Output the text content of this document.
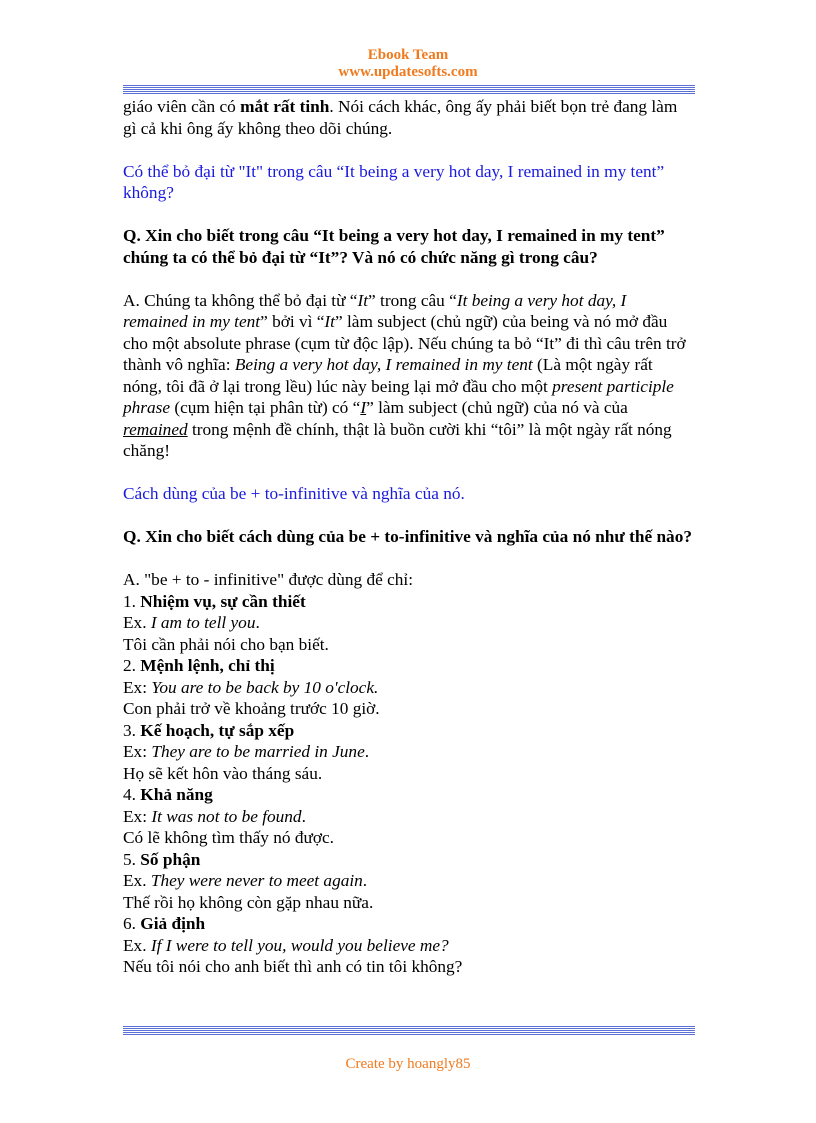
Ebook Team
www.updatesofts.com

giáo viên cần có mắt rất tinh. Nói cách khác, ông ấy phải biết bọn trẻ đang làm gì cả khi ông ấy không theo dõi chúng.

Có thể bỏ đại từ "It" trong câu “It being a very hot day, I remained in my tent” không?

Q. Xin cho biết trong câu “It being a very hot day, I remained in my tent” chúng ta có thể bỏ đại từ “It”? Và nó có chức năng gì trong câu?

A. Chúng ta không thể bỏ đại từ “It” trong câu “It being a very hot day, I remained in my tent” bởi vì “It” làm subject (chủ ngữ) của being và nó mở đầu cho một absolute phrase (cụm từ độc lập). Nếu chúng ta bỏ “It” đi thì câu trên trở thành vô nghĩa: Being a very hot day, I remained in my tent (Là một ngày rất nóng, tôi đã ở lại trong lều) lúc này being lại mở đầu cho một present participle phrase (cụm hiện tại phân từ) có “I” làm subject (chủ ngữ) của nó và của remained trong mệnh đề chính, thật là buồn cười khi “tôi” là một ngày rất nóng chăng!

Cách dùng của be + to-infinitive và nghĩa của nó.

Q. Xin cho biết cách dùng của be + to-infinitive và nghĩa của nó như thế nào?

A. "be + to - infinitive" được dùng để chỉ:

1. Nhiệm vụ, sự cần thiết

Ex. I am to tell you.

Tôi cần phải nói cho bạn biết.

2. Mệnh lệnh, chỉ thị

Ex: You are to be back by 10 o'clock.

Con phải trở về khoảng trước 10 giờ.

3. Kế hoạch, tự sắp xếp

Ex: They are to be married in June.

Họ sẽ kết hôn vào tháng sáu.

4. Khả năng

Ex: It was not to be found.

Có lẽ không tìm thấy nó được.

5. Số phận

Ex. They were never to meet again.

Thế rồi họ không còn gặp nhau nữa.

6. Giả định

Ex. If I were to tell you, would you believe me?

Nếu tôi nói cho anh biết thì anh có tin tôi không?

Create by hoangly85
